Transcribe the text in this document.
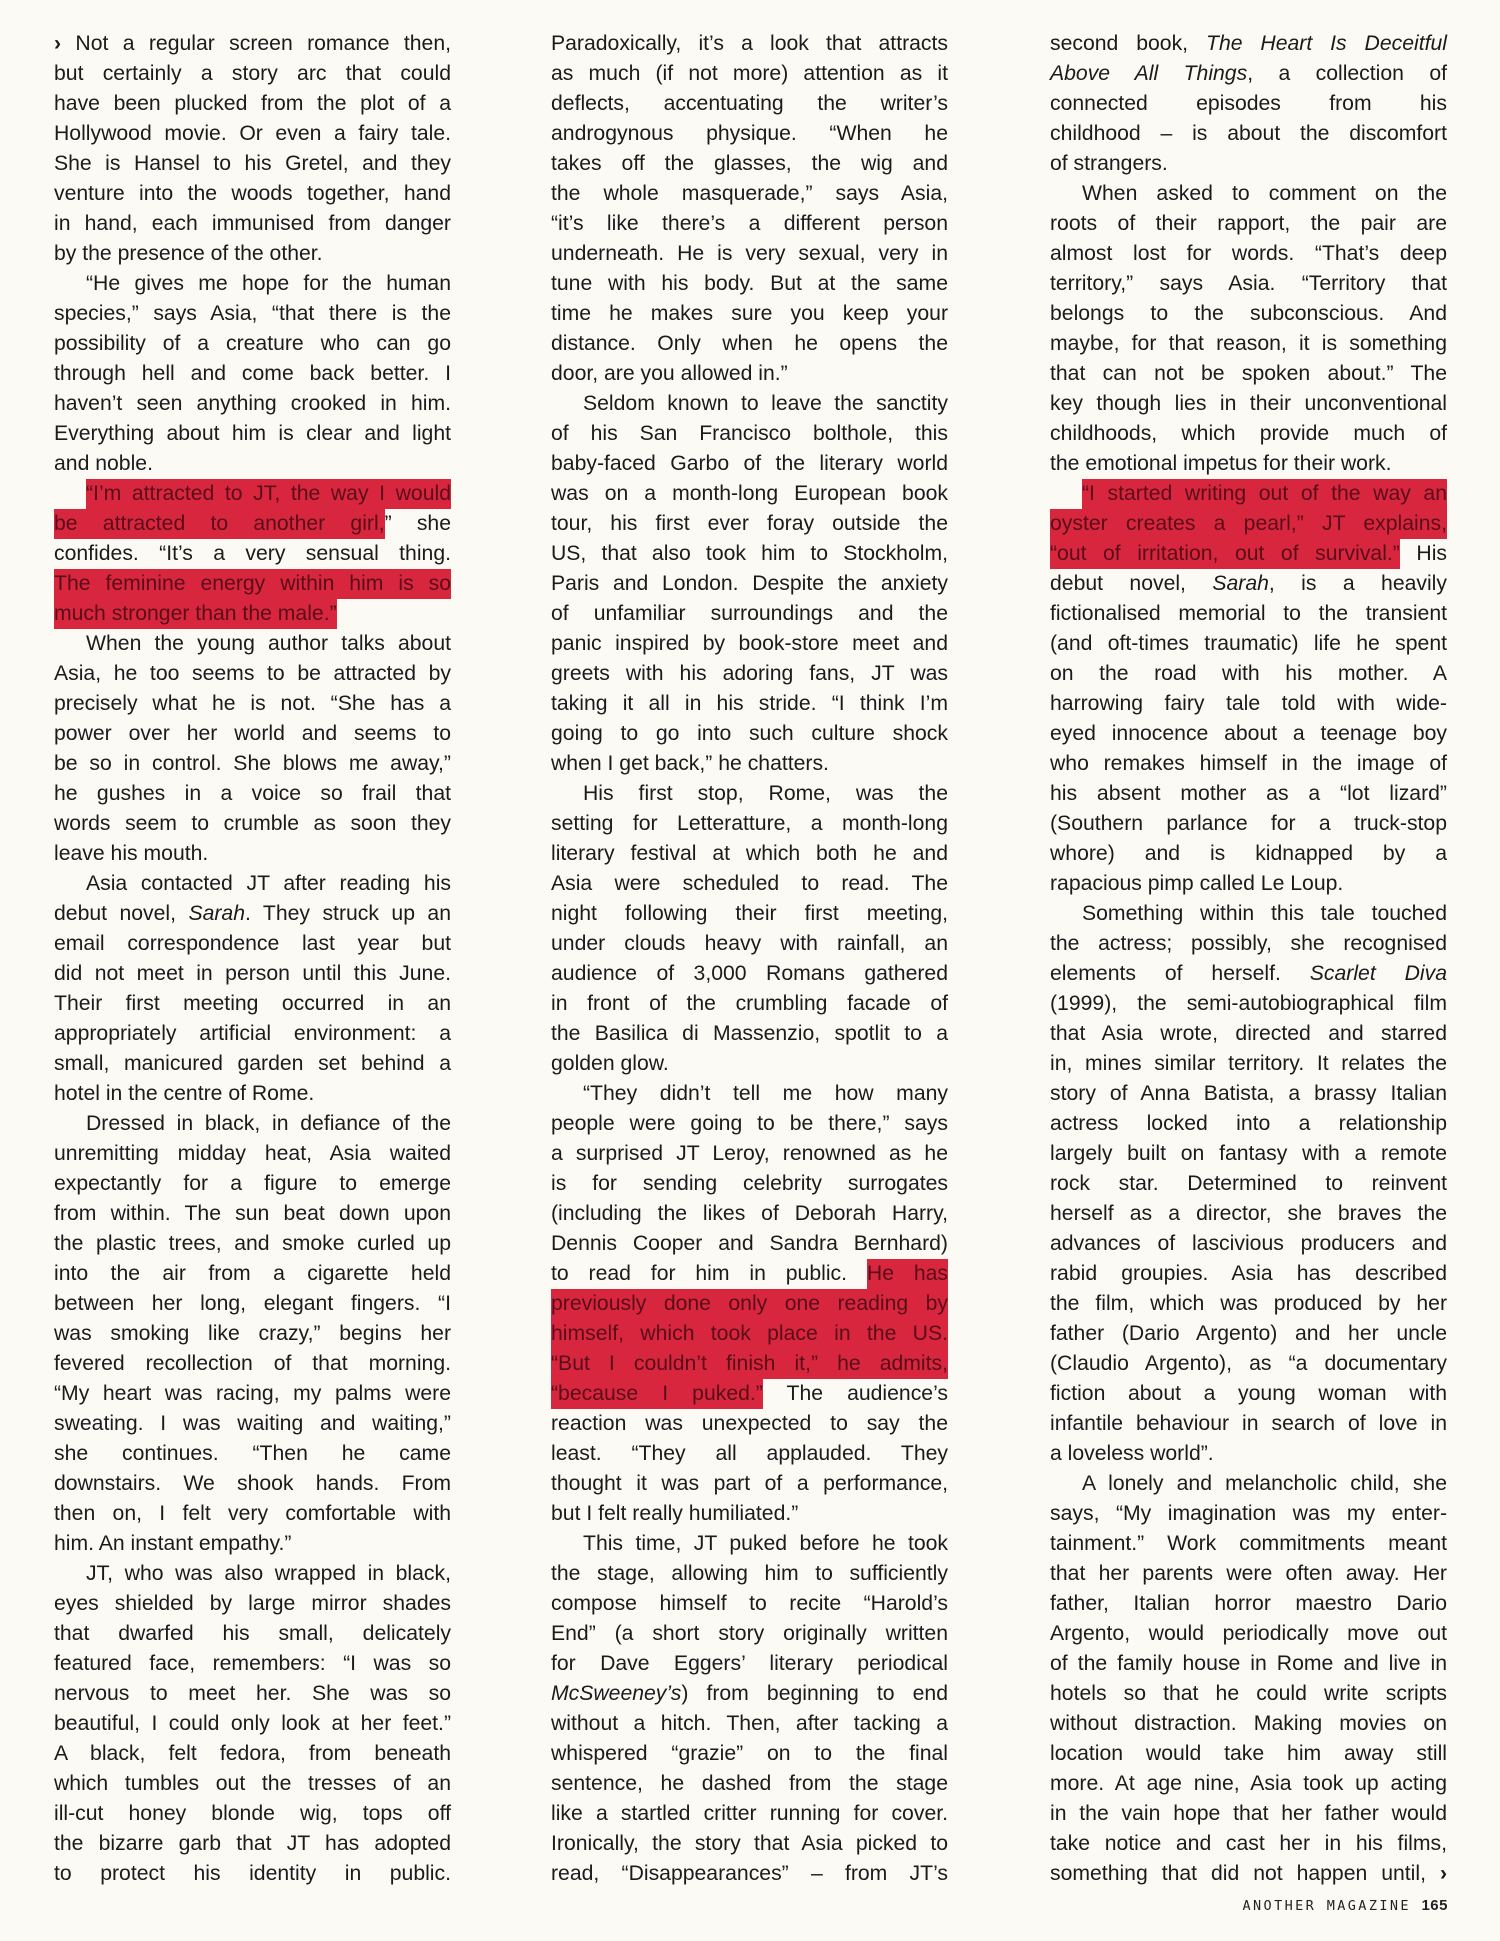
› Not a regular screen romance then,
but certainly a story arc that could
have been plucked from the plot of a
Hollywood movie. Or even a fairy tale.
She is Hansel to his Gretel, and they
venture into the woods together, hand
in hand, each immunised from danger
by the presence of the other.
“He gives me hope for the human
species,” says Asia, “that there is the
possibility of a creature who can go
through hell and come back better. I
haven’t seen anything crooked in him.
Everything about him is clear and light
and noble.
“I’m attracted to JT, the way I would
be attracted to another girl,” she
confides. “It’s a very sensual thing.
The feminine energy within him is so
much stronger than the male.”
When the young author talks about
Asia, he too seems to be attracted by
precisely what he is not. “She has a
power over her world and seems to
be so in control. She blows me away,”
he gushes in a voice so frail that
words seem to crumble as soon they
leave his mouth.
Asia contacted JT after reading his
debut novel, Sarah. They struck up an
email correspondence last year but
did not meet in person until this June.
Their first meeting occurred in an
appropriately artificial environment: a
small, manicured garden set behind a
hotel in the centre of Rome.
Dressed in black, in defiance of the
unremitting midday heat, Asia waited
expectantly for a figure to emerge
from within. The sun beat down upon
the plastic trees, and smoke curled up
into the air from a cigarette held
between her long, elegant fingers. “I
was smoking like crazy,” begins her
fevered recollection of that morning.
“My heart was racing, my palms were
sweating. I was waiting and waiting,”
she continues. “Then he came
downstairs. We shook hands. From
then on, I felt very comfortable with
him. An instant empathy.”
JT, who was also wrapped in black,
eyes shielded by large mirror shades
that dwarfed his small, delicately
featured face, remembers: “I was so
nervous to meet her. She was so
beautiful, I could only look at her feet.”
A black, felt fedora, from beneath
which tumbles out the tresses of an
ill-cut honey blonde wig, tops off
the bizarre garb that JT has adopted
to protect his identity in public.
Paradoxically, it’s a look that attracts
as much (if not more) attention as it
deflects, accentuating the writer’s
androgynous physique. “When he
takes off the glasses, the wig and
the whole masquerade,” says Asia,
“it’s like there’s a different person
underneath. He is very sexual, very in
tune with his body. But at the same
time he makes sure you keep your
distance. Only when he opens the
door, are you allowed in.”
Seldom known to leave the sanctity
of his San Francisco bolthole, this
baby-faced Garbo of the literary world
was on a month-long European book
tour, his first ever foray outside the
US, that also took him to Stockholm,
Paris and London. Despite the anxiety
of unfamiliar surroundings and the
panic inspired by book-store meet and
greets with his adoring fans, JT was
taking it all in his stride. “I think I’m
going to go into such culture shock
when I get back,” he chatters.
His first stop, Rome, was the
setting for Letteratture, a month-long
literary festival at which both he and
Asia were scheduled to read. The
night following their first meeting,
under clouds heavy with rainfall, an
audience of 3,000 Romans gathered
in front of the crumbling facade of
the Basilica di Massenzio, spotlit to a
golden glow.
“They didn’t tell me how many
people were going to be there,” says
a surprised JT Leroy, renowned as he
is for sending celebrity surrogates
(including the likes of Deborah Harry,
Dennis Cooper and Sandra Bernhard)
to read for him in public. He has
previously done only one reading by
himself, which took place in the US.
“But I couldn’t finish it,” he admits,
“because I puked.” The audience’s
reaction was unexpected to say the
least. “They all applauded. They
thought it was part of a performance,
but I felt really humiliated.”
This time, JT puked before he took
the stage, allowing him to sufficiently
compose himself to recite “Harold’s
End” (a short story originally written
for Dave Eggers’ literary periodical
McSweeney’s) from beginning to end
without a hitch. Then, after tacking a
whispered “grazie” on to the final
sentence, he dashed from the stage
like a startled critter running for cover.
Ironically, the story that Asia picked to
read, “Disappearances” – from JT’s
second book, The Heart Is Deceitful
Above All Things, a collection of
connected episodes from his
childhood – is about the discomfort
of strangers.
When asked to comment on the
roots of their rapport, the pair are
almost lost for words. “That’s deep
territory,” says Asia. “Territory that
belongs to the subconscious. And
maybe, for that reason, it is something
that can not be spoken about.” The
key though lies in their unconventional
childhoods, which provide much of
the emotional impetus for their work.
“I started writing out of the way an
oyster creates a pearl,” JT explains,
“out of irritation, out of survival.” His
debut novel, Sarah, is a heavily
fictionalised memorial to the transient
(and oft-times traumatic) life he spent
on the road with his mother. A
harrowing fairy tale told with wide-
eyed innocence about a teenage boy
who remakes himself in the image of
his absent mother as a “lot lizard”
(Southern parlance for a truck-stop
whore) and is kidnapped by a
rapacious pimp called Le Loup.
Something within this tale touched
the actress; possibly, she recognised
elements of herself. Scarlet Diva
(1999), the semi-autobiographical film
that Asia wrote, directed and starred
in, mines similar territory. It relates the
story of Anna Batista, a brassy Italian
actress locked into a relationship
largely built on fantasy with a remote
rock star. Determined to reinvent
herself as a director, she braves the
advances of lascivious producers and
rabid groupies. Asia has described
the film, which was produced by her
father (Dario Argento) and her uncle
(Claudio Argento), as “a documentary
fiction about a young woman with
infantile behaviour in search of love in
a loveless world”.
A lonely and melancholic child, she
says, “My imagination was my enter-
tainment.” Work commitments meant
that her parents were often away. Her
father, Italian horror maestro Dario
Argento, would periodically move out
of the family house in Rome and live in
hotels so that he could write scripts
without distraction. Making movies on
location would take him away still
more. At age nine, Asia took up acting
in the vain hope that her father would
take notice and cast her in his films,
something that did not happen until, ›
ANOTHER MAGAZINE 165
